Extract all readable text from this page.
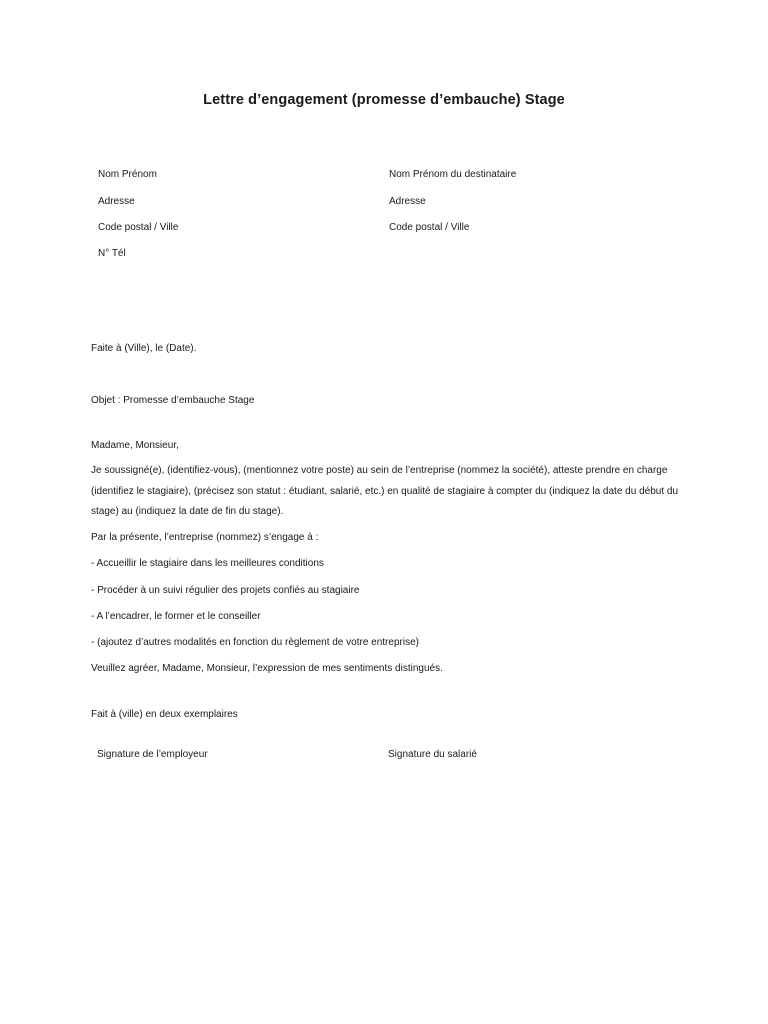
Lettre d’engagement (promesse d’embauche) Stage
Nom Prénom
Adresse
Code postal / Ville
N° Tél
Nom Prénom du destinataire
Adresse
Code postal / Ville
Faite à (Ville), le (Date).
Objet : Promesse d’embauche Stage
Madame, Monsieur,
Je soussigné(e), (identifiez-vous), (mentionnez votre poste) au sein de l’entreprise (nommez la société), atteste prendre en charge (identifiez le stagiaire), (précisez son statut : étudiant, salarié, etc.) en qualité de stagiaire à compter du (indiquez la date du début du stage) au (indiquez la date de fin du stage).
Par la présente, l’entreprise (nommez) s’engage à :
- Accueillir le stagiaire dans les meilleures conditions
- Procéder à un suivi régulier des projets confiés au stagiaire
- A l’encadrer, le former et le conseiller
- (ajoutez d’autres modalités en fonction du règlement de votre entreprise)
Veuillez agréer, Madame, Monsieur, l’expression de mes sentiments distingués.
Fait à (ville) en deux exemplaires
Signature de l’employeur	Signature du salarié
